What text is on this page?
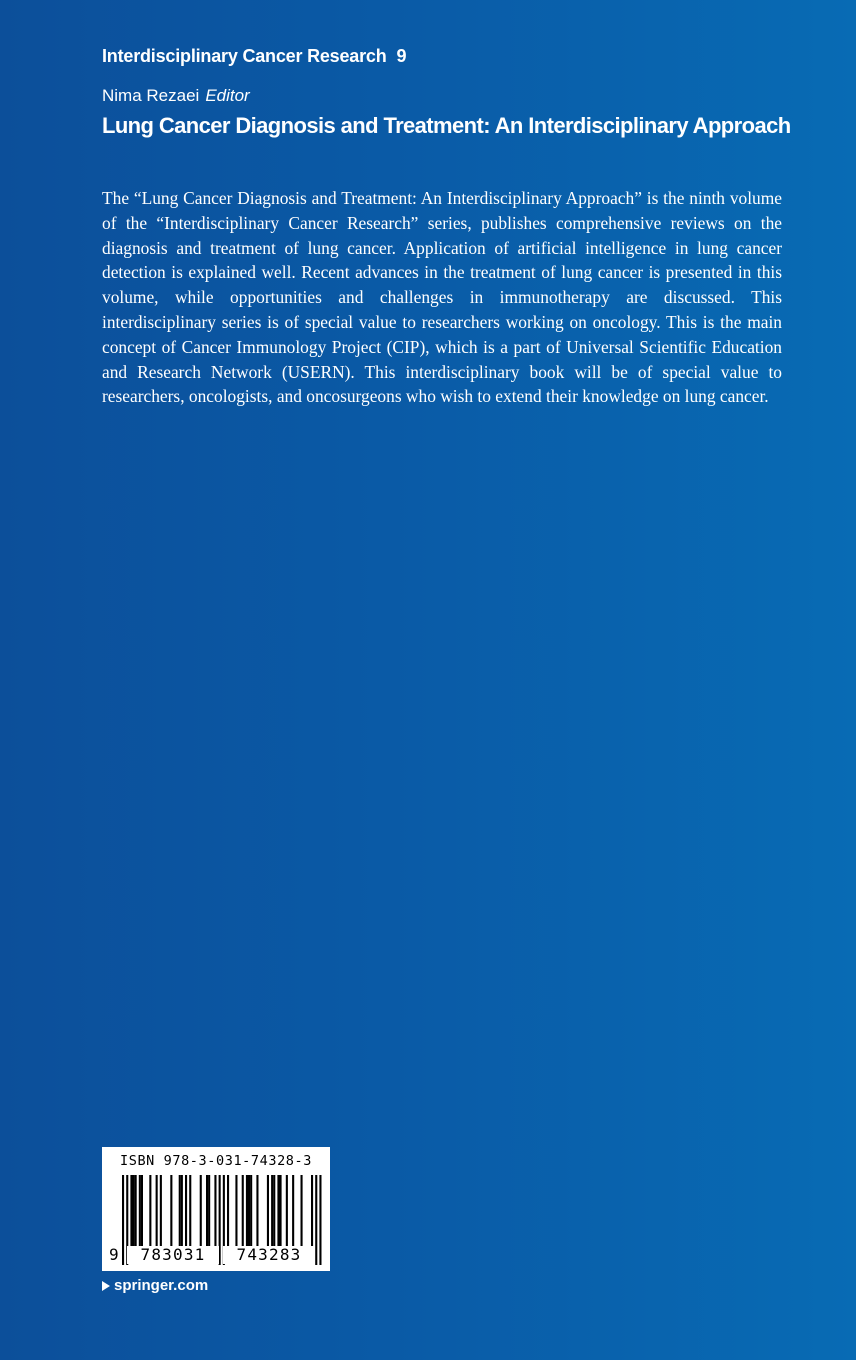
Interdisciplinary Cancer Research 9
Nima Rezaei Editor
Lung Cancer Diagnosis and Treatment: An Interdisciplinary Approach

The “Lung Cancer Diagnosis and Treatment: An Interdisciplinary Approach” is the ninth volume of the “Interdisciplinary Cancer Research” series, publishes comprehensive reviews on the diagnosis and treatment of lung cancer. Application of artificial intelligence in lung cancer detection is explained well. Recent advances in the treatment of lung cancer is presented in this volume, while opportunities and challenges in immunotherapy are discussed. This interdisciplinary series is of special value to researchers working on oncology. This is the main concept of Cancer Immunology Project (CIP), which is a part of Universal Scientific Education and Research Network (USERN). This interdisciplinary book will be of special value to researchers, oncologists, and oncosurgeons who wish to extend their knowledge on lung cancer.

ISBN 978-3-031-74328-3
9	783031	743283
springer.com
